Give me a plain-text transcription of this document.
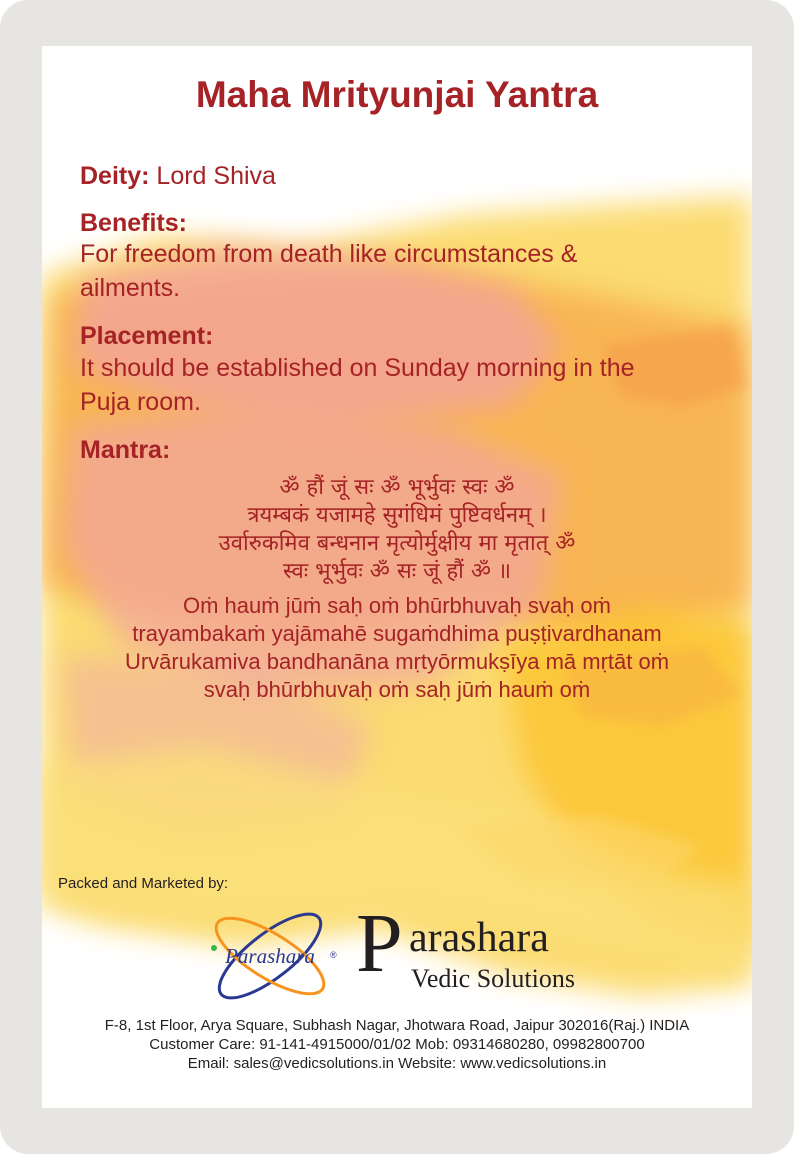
Maha Mrityunjai Yantra
Deity: Lord Shiva
Benefits:
For freedom from death like circumstances &
ailments.
Placement:
It should be established on Sunday morning in the
Puja room.
Mantra:
ॐ हौं जूं सः ॐ भूर्भुवः स्वः ॐ
त्रयम्बकं यजामहे सुगंधिमं पुष्टिवर्धनम् ।
उर्वारुकमिव बन्धनान मृत्योर्मुक्षीय मा मृतात् ॐ
स्वः भूर्भुवः ॐ सः जूं हौं ॐ ॥
Oṁ hauṁ jūṁ saḥ oṁ bhūrbhuvaḥ svaḥ oṁ
trayambakaṁ yajāmahē sugaṁdhima puṣṭivardhanam
Urvārukamiva bandhanāna mṛtyōrmukṣīya mā mṛtāt oṁ
svaḥ bhūrbhuvaḥ oṁ saḥ jūṁ hauṁ oṁ
Packed and Marketed by:
Parashara ® P arashara
Vedic Solutions
F-8, 1st Floor, Arya Square, Subhash Nagar, Jhotwara Road, Jaipur 302016(Raj.) INDIA
Customer Care: 91-141-4915000/01/02 Mob: 09314680280, 09982800700
Email: sales@vedicsolutions.in Website: www.vedicsolutions.in
